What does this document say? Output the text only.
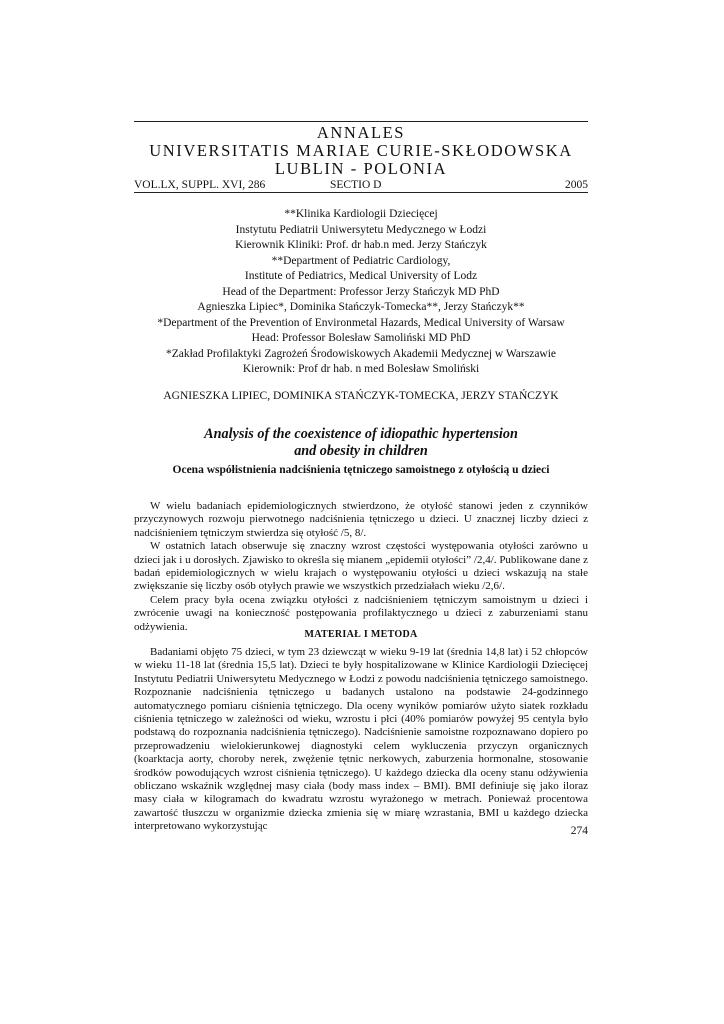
ANNALES
UNIVERSITATIS MARIAE CURIE-SKŁODOWSKA
LUBLIN - POLONIA
VOL.LX, SUPPL. XVI, 286	SECTIO D	2005
**Klinika Kardiologii Dziecięcej
Instytutu Pediatrii Uniwersytetu Medycznego w Łodzi
Kierownik Kliniki: Prof. dr hab.n med. Jerzy Stańczyk
**Department of Pediatric Cardiology,
Institute of Pediatrics, Medical University of Lodz
Head of the Department: Professor Jerzy Stańczyk MD PhD
Agnieszka Lipiec*, Dominika Stańczyk-Tomecka**, Jerzy Stańczyk**
*Department of the Prevention of Environmetal Hazards, Medical University of Warsaw
Head: Professor Bolesław Samoliński MD PhD
*Zakład Profilaktyki Zagrożeń Środowiskowych Akademii Medycznej w Warszawie
Kierownik: Prof dr hab. n med Bolesław Smoliński
AGNIESZKA LIPIEC, DOMINIKA STAŃCZYK-TOMECKA, JERZY STAŃCZYK
Analysis of the coexistence of idiopathic hypertension
and obesity in children
Ocena współistnienia nadciśnienia tętniczego samoistnego z otyłością u dzieci

W wielu badaniach epidemiologicznych stwierdzono, że otyłość stanowi jeden z czynników przyczynowych rozwoju pierwotnego nadciśnienia tętniczego u dzieci. U znacznej liczby dzieci z nadciśnieniem tętniczym stwierdza się otyłość /5, 8/.

W ostatnich latach obserwuje się znaczny wzrost częstości występowania otyłości zarówno u dzieci jak i u dorosłych. Zjawisko to określa się mianem „epidemii otyłości” /2,4/. Publikowane dane z badań epidemiologicznych w wielu krajach o występowaniu otyłości u dzieci wskazują na stałe zwiększanie się liczby osób otyłych prawie we wszystkich przedziałach wieku /2,6/.

Celem pracy była ocena związku otyłości z nadciśnieniem tętniczym samoistnym u dzieci i zwrócenie uwagi na konieczność postępowania profilaktycznego u dzieci z zaburzeniami stanu odżywienia.

MATERIAŁ I METODA

Badaniami objęto 75 dzieci, w tym 23 dziewcząt w wieku 9-19 lat (średnia 14,8 lat) i 52 chłopców w wieku 11-18 lat (średnia 15,5 lat). Dzieci te były hospitalizowane w Klinice Kardiologii Dziecięcej Instytutu Pediatrii Uniwersytetu Medycznego w Łodzi z powodu nadciśnienia tętniczego samoistnego. Rozpoznanie nadciśnienia tętniczego u badanych ustalono na podstawie 24-godzinnego automatycznego pomiaru ciśnienia tętniczego. Dla oceny wyników pomiarów użyto siatek rozkładu ciśnienia tętniczego w zależności od wieku, wzrostu i płci (40% pomiarów powyżej 95 centyla było podstawą do rozpoznania nadciśnienia tętniczego). Nadciśnienie samoistne rozpoznawano dopiero po przeprowadzeniu wielokierunkowej diagnostyki celem wykluczenia przyczyn organicznych (koarktacja aorty, choroby nerek, zwężenie tętnic nerkowych, zaburzenia hormonalne, stosowanie środków powodujących wzrost ciśnienia tętniczego). U każdego dziecka dla oceny stanu odżywienia obliczano wskaźnik względnej masy ciała (body mass index – BMI). BMI definiuje się jako iloraz masy ciała w kilogramach do kwadratu wzrostu wyrażonego w metrach. Ponieważ procentowa zawartość tłuszczu w organizmie dziecka zmienia się w miarę wzrastania, BMI u każdego dziecka interpretowano wykorzystując	274
